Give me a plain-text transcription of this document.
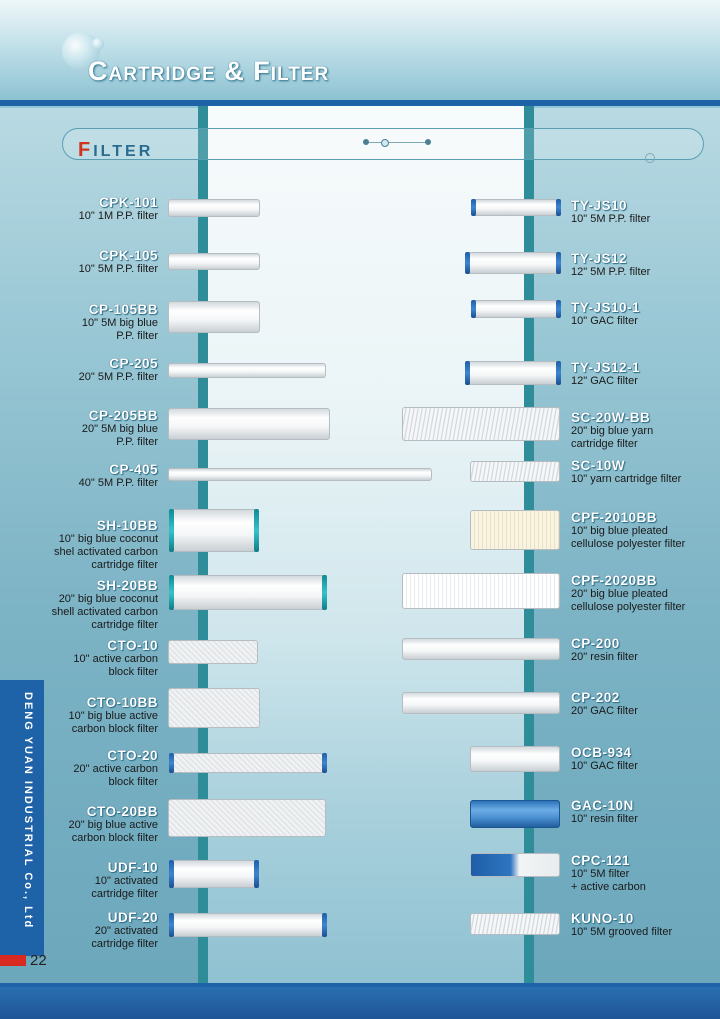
Cartridge & Filter
FILTER
DENG YUAN INDUSTRIAL Co., Ltd
22
CPK-101
10" 1M P.P. filter
CPK-105
10" 5M P.P. filter
CP-105BB
10" 5M big blue
P.P. filter
CP-205
20" 5M P.P. filter
CP-205BB
20" 5M big blue
P.P. filter
CP-405
40" 5M P.P. filter
SH-10BB
10" big blue coconut
shel activated carbon
cartridge filter
SH-20BB
20" big blue coconut
shell activated carbon
cartridge filter
CTO-10
10" active carbon
block filter
CTO-10BB
10" big blue active
carbon block filter
CTO-20
20" active carbon
block filter
CTO-20BB
20" big blue active
carbon block filter
UDF-10
10" activated
cartridge filter
UDF-20
20" activated
cartridge filter
TY-JS10
10" 5M P.P. filter
TY-JS12
12" 5M P.P. filter
TY-JS10-1
10" GAC filter
TY-JS12-1
12" GAC filter
SC-20W-BB
20" big blue yarn
cartridge filter
SC-10W
10" yarn cartridge filter
CPF-2010BB
10" big blue pleated
cellulose polyester filter
CPF-2020BB
20" big blue pleated
cellulose polyester filter
CP-200
20" resin filter
CP-202
20" GAC filter
OCB-934
10" GAC filter
GAC-10N
10" resin filter
CPC-121
10" 5M filter
+ active carbon
KUNO-10
10" 5M grooved filter
